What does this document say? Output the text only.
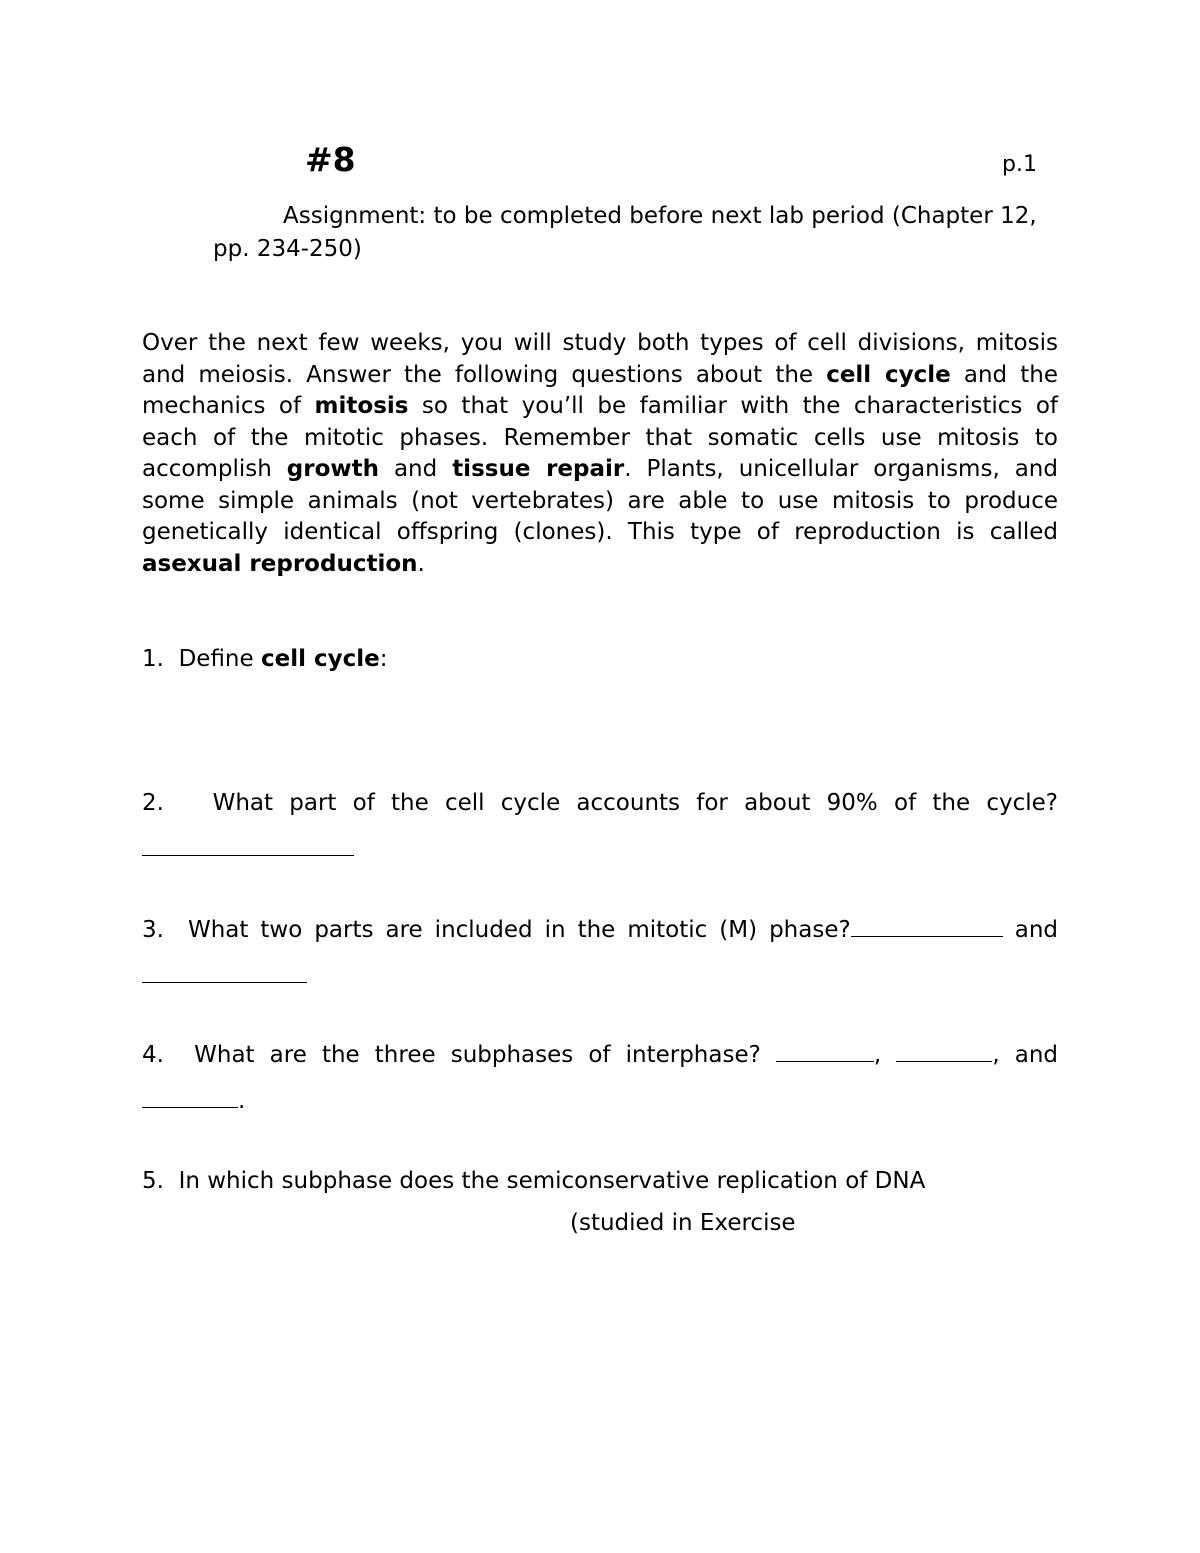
#8	p.1
Assignment: to be completed before next lab period (Chapter 12,
pp. 234-250)
Over the next few weeks, you will study both types of cell divisions, mitosis
and meiosis. Answer the following questions about the cell cycle and the
mechanics of mitosis so that you’ll be familiar with the characteristics of
each of the mitotic phases. Remember that somatic cells use mitosis to
accomplish growth and tissue repair. Plants, unicellular organisms, and
some simple animals (not vertebrates) are able to use mitosis to produce
genetically identical offspring (clones). This type of reproduction is called
asexual reproduction.
1. Define cell cycle:
2. What part of the cell cycle accounts for about 90% of the cycle?
3. What two parts are included in the mitotic (M) phase?	and
4. What are the three subphases of interphase?	,	, and
.
5. In which subphase does the semiconservative replication of DNA
(studied in Exercise
